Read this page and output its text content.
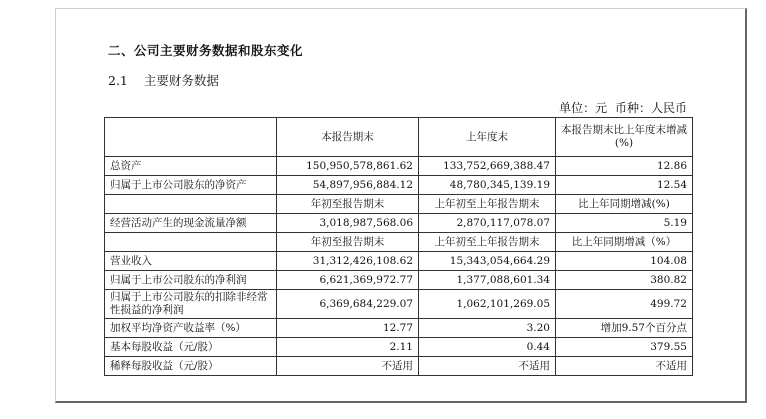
二、公司主要财务数据和股东变化
2.1 主要财务数据
单位：元 币种：人民币
	本报告期末	上年度末	本报告期末比上年度末增减(%)
总资产	150,950,578,861.62	133,752,669,388.47	12.86
归属于上市公司股东的净资产	54,897,956,884.12	48,780,345,139.19	12.54
	年初至报告期末	上年初至上年报告期末	比上年同期增减(%)
经营活动产生的现金流量净额	3,018,987,568.06	2,870,117,078.07	5.19
	年初至报告期末	上年初至上年报告期末	比上年同期增减（%）
营业收入	31,312,426,108.62	15,343,054,664.29	104.08
归属于上市公司股东的净利润	6,621,369,972.77	1,377,088,601.34	380.82
归属于上市公司股东的扣除非经常性损益的净利润	6,369,684,229.07	1,062,101,269.05	499.72
加权平均净资产收益率（%）	12.77	3.20	增加9.57个百分点
基本每股收益（元/股）	2.11	0.44	379.55
稀释每股收益（元/股）	不适用	不适用	不适用
